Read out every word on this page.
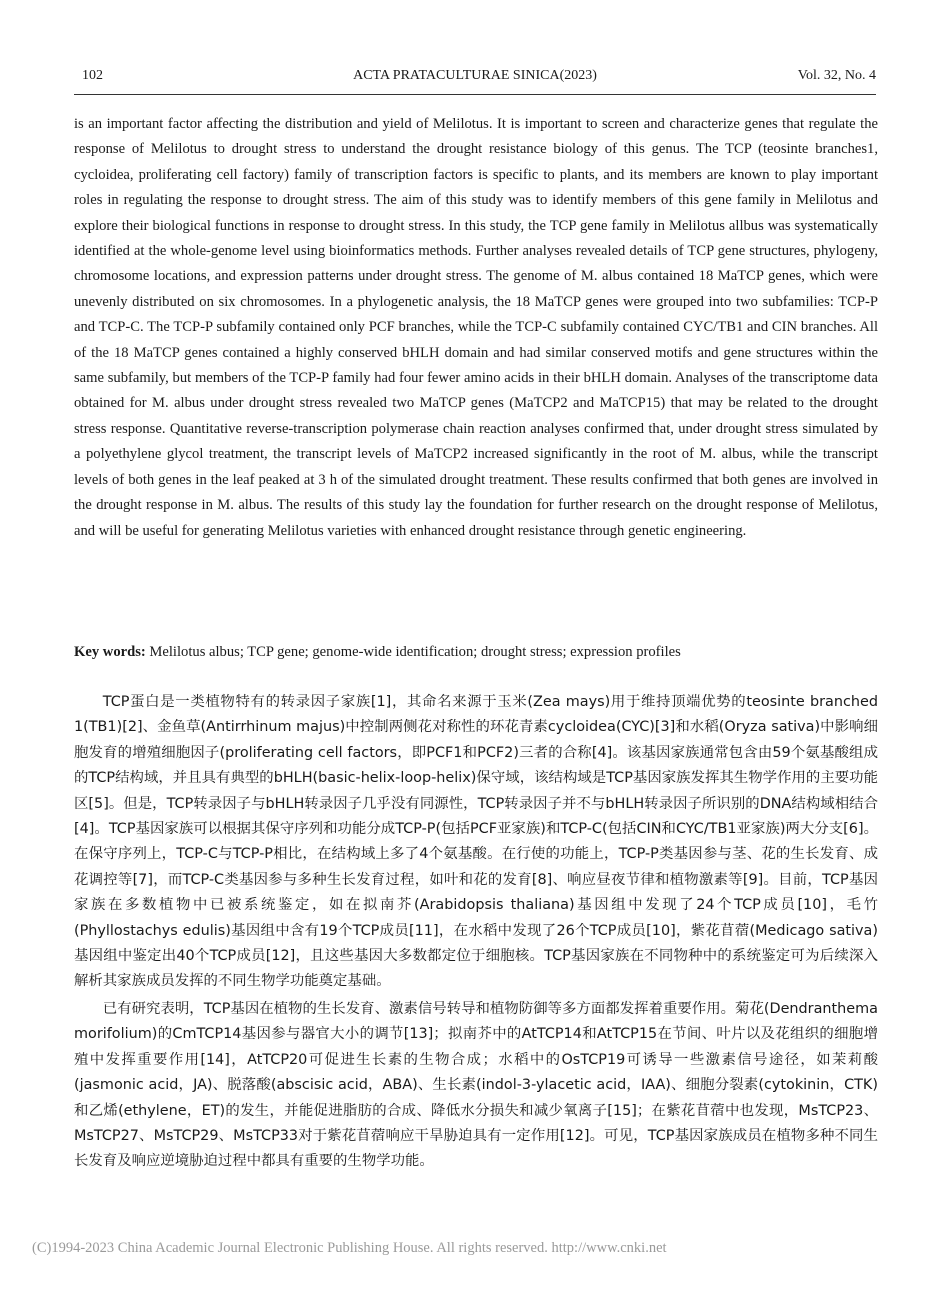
102	ACTA PRATACULTURAE SINICA(2023)	Vol. 32, No. 4

is an important factor affecting the distribution and yield of Melilotus. It is important to screen and characterize genes that regulate the response of Melilotus to drought stress to understand the drought resistance biology of this genus. The TCP (teosinte branches1, cycloidea, proliferating cell factory) family of transcription factors is specific to plants, and its members are known to play important roles in regulating the response to drought stress. The aim of this study was to identify members of this gene family in Melilotus and explore their biological functions in response to drought stress. In this study, the TCP gene family in Melilotus allbus was systematically identified at the whole-genome level using bioinformatics methods. Further analyses revealed details of TCP gene structures, phylogeny, chromosome locations, and expression patterns under drought stress. The genome of M. albus contained 18 MaTCP genes, which were unevenly distributed on six chromosomes. In a phylogenetic analysis, the 18 MaTCP genes were grouped into two subfamilies: TCP-P and TCP-C. The TCP-P subfamily contained only PCF branches, while the TCP-C subfamily contained CYC/TB1 and CIN branches. All of the 18 MaTCP genes contained a highly conserved bHLH domain and had similar conserved motifs and gene structures within the same subfamily, but members of the TCP-P family had four fewer amino acids in their bHLH domain. Analyses of the transcriptome data obtained for M. albus under drought stress revealed two MaTCP genes (MaTCP2 and MaTCP15) that may be related to the drought stress response. Quantitative reverse-transcription polymerase chain reaction analyses confirmed that, under drought stress simulated by a polyethylene glycol treatment, the transcript levels of MaTCP2 increased significantly in the root of M. albus, while the transcript levels of both genes in the leaf peaked at 3 h of the simulated drought treatment. These results confirmed that both genes are involved in the drought response in M. albus. The results of this study lay the foundation for further research on the drought response of Melilotus, and will be useful for generating Melilotus varieties with enhanced drought resistance through genetic engineering.

Key words: Melilotus albus; TCP gene; genome-wide identification; drought stress; expression profiles

TCP蛋白是一类植物特有的转录因子家族[1]，其命名来源于玉米(Zea mays)用于维持顶端优势的teosinte branched 1(TB1)[2]、金鱼草(Antirrhinum majus)中控制两侧花对称性的环花青素cycloidea(CYC)[3]和水稻(Oryza sativa)中影响细胞发育的增殖细胞因子(proliferating cell factors，即PCF1和PCF2)三者的合称[4]。该基因家族通常包含由59个氨基酸组成的TCP结构域，并且具有典型的bHLH(basic-helix-loop-helix)保守域，该结构域是TCP基因家族发挥其生物学作用的主要功能区[5]。但是，TCP转录因子与bHLH转录因子几乎没有同源性，TCP转录因子并不与bHLH转录因子所识别的DNA结构域相结合[4]。TCP基因家族可以根据其保守序列和功能分成TCP-P(包括PCF亚家族)和TCP-C(包括CIN和CYC/TB1亚家族)两大分支[6]。在保守序列上，TCP-C与TCP-P相比，在结构域上多了4个氨基酸。在行使的功能上，TCP-P类基因参与茎、花的生长发育、成花调控等[7]，而TCP-C类基因参与多种生长发育过程，如叶和花的发育[8]、响应昼夜节律和植物激素等[9]。目前，TCP基因家族在多数植物中已被系统鉴定，如在拟南芥(Arabidopsis thaliana)基因组中发现了24个TCP成员[10]，毛竹(Phyllostachys edulis)基因组中含有19个TCP成员[11]，在水稻中发现了26个TCP成员[10]，紫花苜蓿(Medicago sativa)基因组中鉴定出40个TCP成员[12]，且这些基因大多数都定位于细胞核。TCP基因家族在不同物种中的系统鉴定可为后续深入解析其家族成员发挥的不同生物学功能奠定基础。

已有研究表明，TCP基因在植物的生长发育、激素信号转导和植物防御等多方面都发挥着重要作用。菊花(Dendranthema morifolium)的CmTCP14基因参与器官大小的调节[13]；拟南芥中的AtTCP14和AtTCP15在节间、叶片以及花组织的细胞增殖中发挥重要作用[14]，AtTCP20可促进生长素的生物合成；水稻中的OsTCP19可诱导一些激素信号途径，如茉莉酸(jasmonic acid，JA)、脱落酸(abscisic acid，ABA)、生长素(indol-3-ylacetic acid，IAA)、细胞分裂素(cytokinin，CTK)和乙烯(ethylene，ET)的发生，并能促进脂肪的合成、降低水分损失和减少氧离子[15]；在紫花苜蓿中也发现，MsTCP23、MsTCP27、MsTCP29、MsTCP33对于紫花苜蓿响应干旱胁迫具有一定作用[12]。可见，TCP基因家族成员在植物多种不同生长发育及响应逆境胁迫过程中都具有重要的生物学功能。

(C)1994-2023 China Academic Journal Electronic Publishing House. All rights reserved. http://www.cnki.net
